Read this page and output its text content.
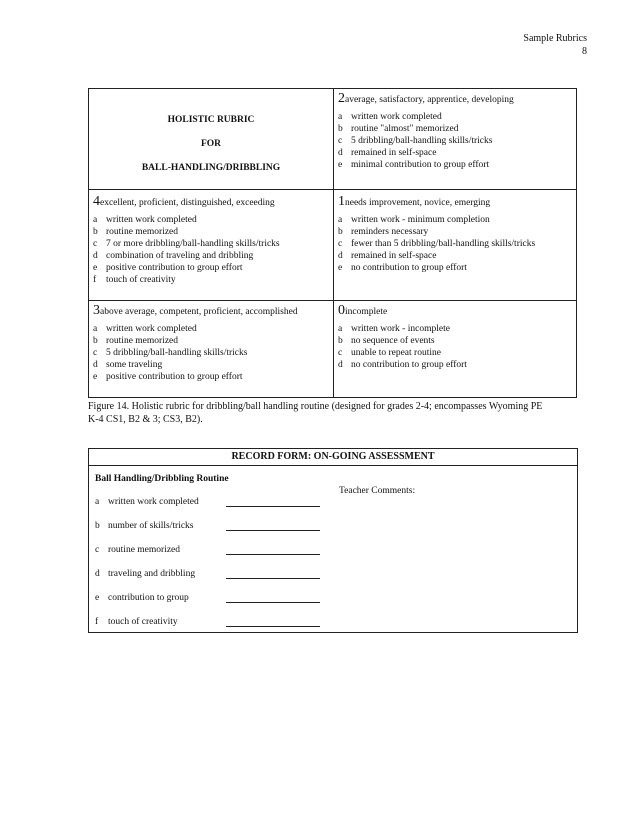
Sample Rubrics
8
HOLISTIC RUBRIC
FOR
BALL-HANDLING/DRIBBLING
2average, satisfactory, apprentice, developing
a written work completed
b routine "almost" memorized
c 5 dribbling/ball-handling skills/tricks
d remained in self-space
e minimal contribution to group effort
4excellent, proficient, distinguished, exceeding
a written work completed
b routine memorized
c 7 or more dribbling/ball-handling skills/tricks
d combination of traveling and dribbling
e positive contribution to group effort
f	touch of creativity
1needs improvement, novice, emerging
a written work - minimum completion
b reminders necessary
c fewer than 5 dribbling/ball-handling skills/tricks
d remained in self-space
e no contribution to group effort
3above average, competent, proficient, accomplished
a written work completed
b routine memorized
c 5 dribbling/ball-handling skills/tricks
d some traveling
e positive contribution to group effort
0incomplete
a written work - incomplete
b no sequence of events
c unable to repeat routine
d no contribution to group effort
Figure 14. Holistic rubric for dribbling/ball handling routine (designed for grades 2-4; encompasses Wyoming PE
K-4 CS1, B2 & 3; CS3, B2).
RECORD FORM: ON-GOING ASSESSMENT
Ball Handling/Dribbling Routine
Teacher Comments:
a written work completed
b number of skills/tricks
c routine memorized
d traveling and dribbling
e contribution to group
f	touch of creativity
